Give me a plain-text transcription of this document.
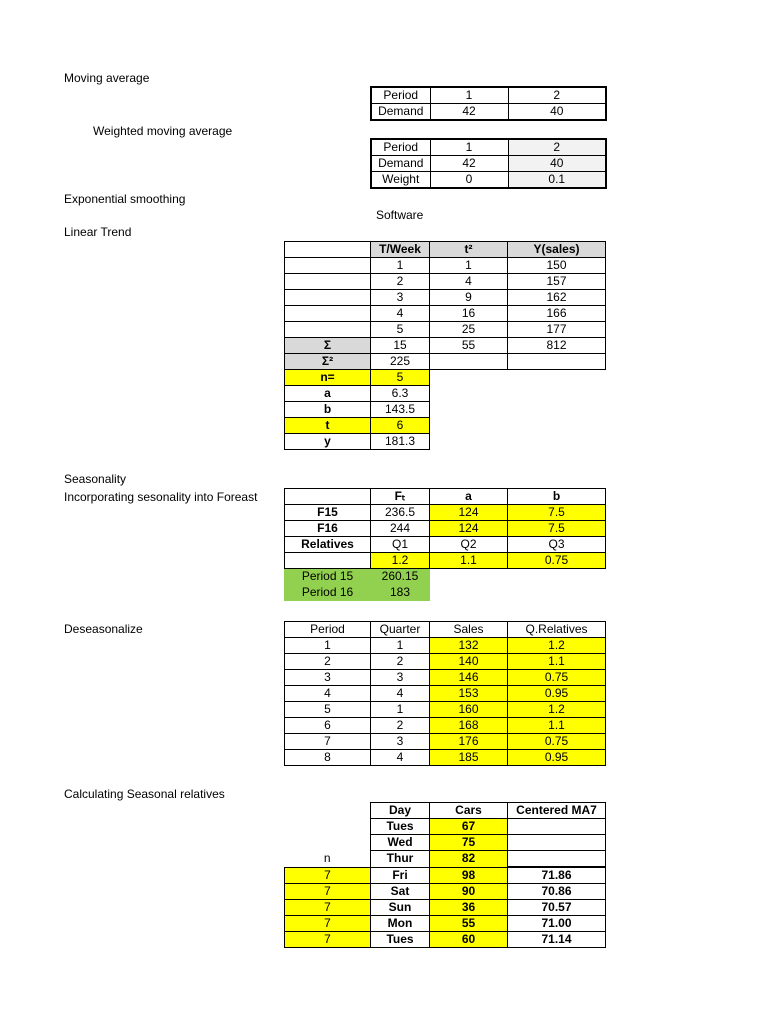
Moving average
Weighted moving average
Exponential smoothing
Software
Linear Trend
Seasonality
Incorporating sesonality into Foreast
Deseasonalize
Calculating Seasonal relatives
Period	1	2
Demand	42	40
Period	1	2
Demand	42	40
Weight	0	0.1
	T/Week	t²	Y(sales)
	1	1	150
	2	4	157
	3	9	162
	4	16	166
	5	25	177
Σ	15	55	812
Σ²	225		
n=	5		
a	6.3		
b	143.5		
t	6		
y	181.3		
	Fₜ	a	b
F15	236.5	124	7.5
F16	244	124	7.5
Relatives	Q1	Q2	Q3
	1.2	1.1	0.75
Period 15	260.15		
Period 16	183		
Period	Quarter	Sales	Q.Relatives
1	1	132	1.2
2	2	140	1.1
3	3	146	0.75
4	4	153	0.95
5	1	160	1.2
6	2	168	1.1
7	3	176	0.75
8	4	185	0.95
	Day	Cars	Centered MA7
	Tues	67	
	Wed	75	
n	Thur	82	
7	Fri	98	71.86
7	Sat	90	70.86
7	Sun	36	70.57
7	Mon	55	71.00
7	Tues	60	71.14
